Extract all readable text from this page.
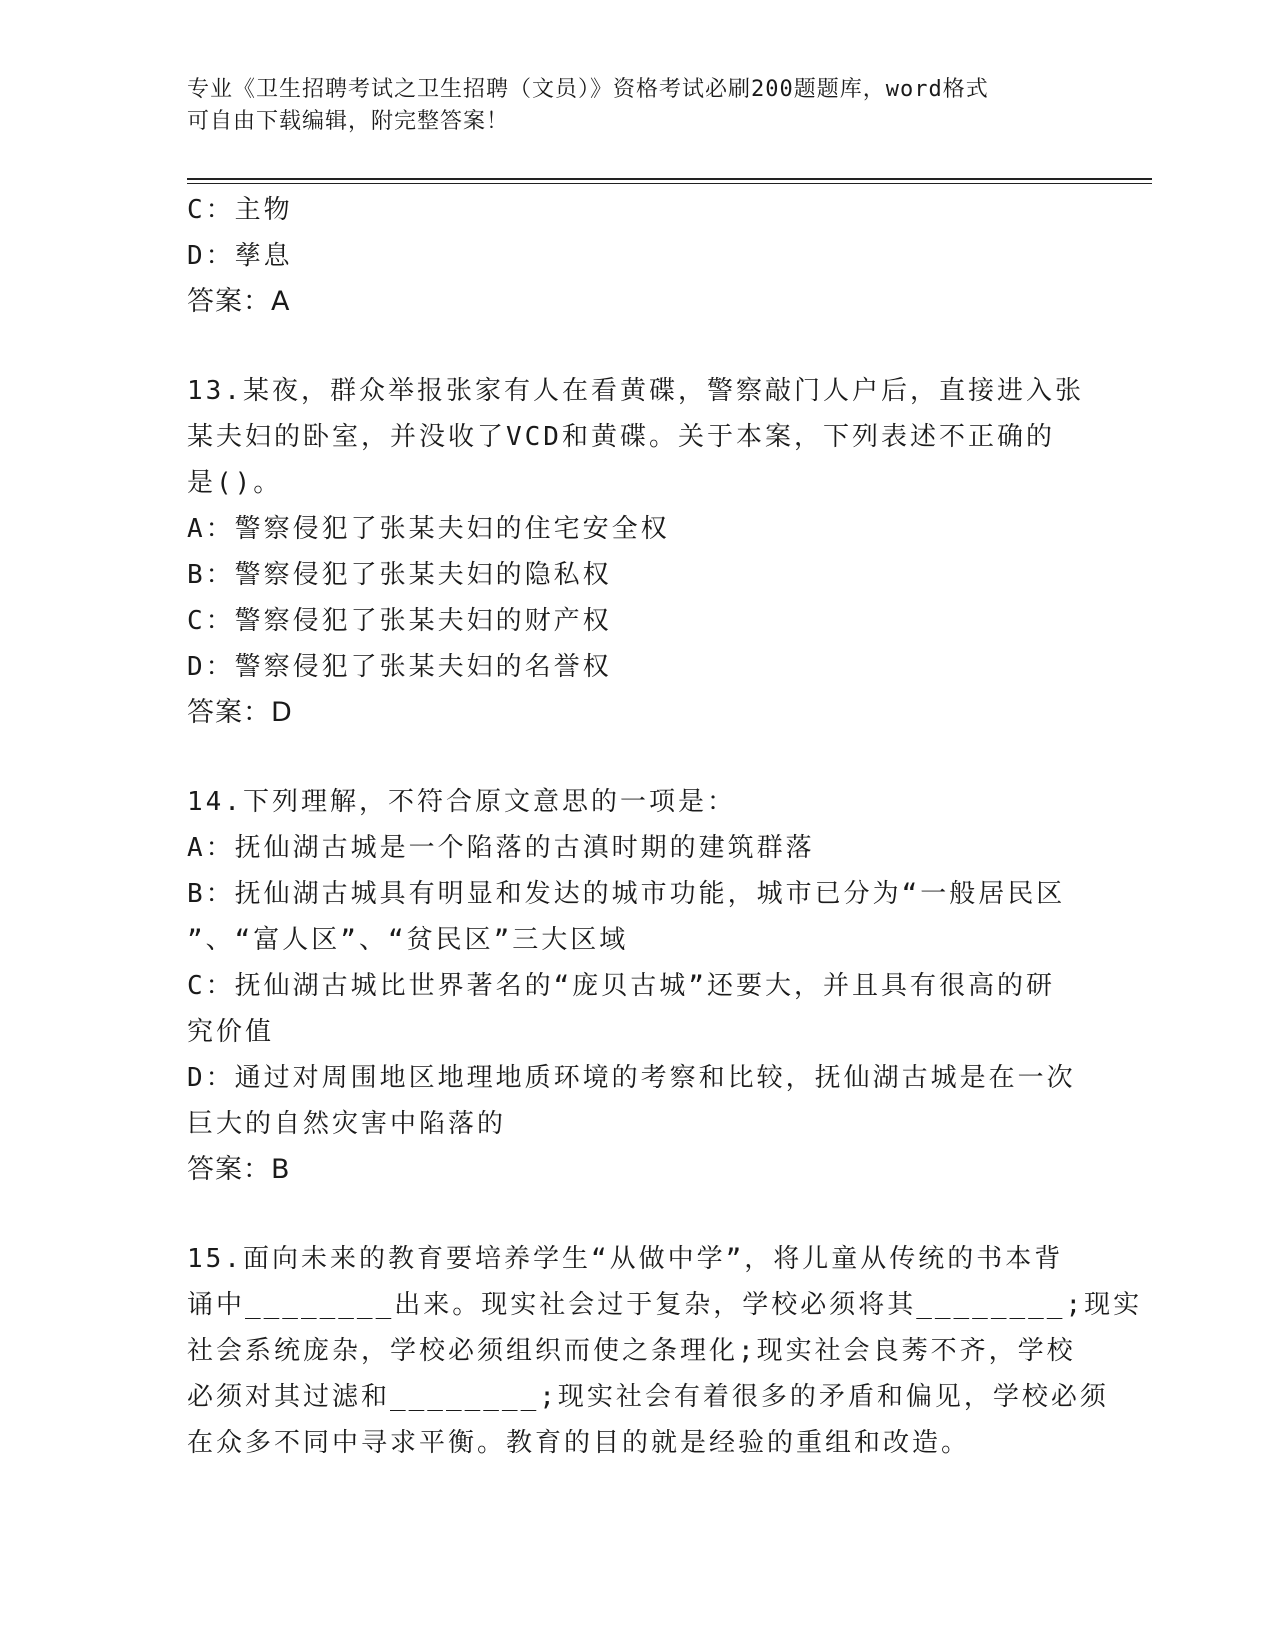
专业《卫生招聘考试之卫生招聘（文员）》资格考试必刷200题题库，word格式
可自由下载编辑，附完整答案！
C：主物
D：孳息
答案：A
13.某夜，群众举报张家有人在看黄碟，警察敲门人户后，直接进入张
某夫妇的卧室，并没收了VCD和黄碟。关于本案，下列表述不正确的
是()。
A：警察侵犯了张某夫妇的住宅安全权
B：警察侵犯了张某夫妇的隐私权
C：警察侵犯了张某夫妇的财产权
D：警察侵犯了张某夫妇的名誉权
答案：D
14.下列理解，不符合原文意思的一项是：
A：抚仙湖古城是一个陷落的古滇时期的建筑群落
B：抚仙湖古城具有明显和发达的城市功能，城市已分为“一般居民区
”、“富人区”、“贫民区”三大区域
C：抚仙湖古城比世界著名的“庞贝古城”还要大，并且具有很高的研
究价值
D：通过对周围地区地理地质环境的考察和比较，抚仙湖古城是在一次
巨大的自然灾害中陷落的
答案：B
15.面向未来的教育要培养学生“从做中学”，将儿童从传统的书本背
诵中________出来。现实社会过于复杂，学校必须将其________;现实
社会系统庞杂，学校必须组织而使之条理化;现实社会良莠不齐，学校
必须对其过滤和________;现实社会有着很多的矛盾和偏见，学校必须
在众多不同中寻求平衡。教育的目的就是经验的重组和改造。
